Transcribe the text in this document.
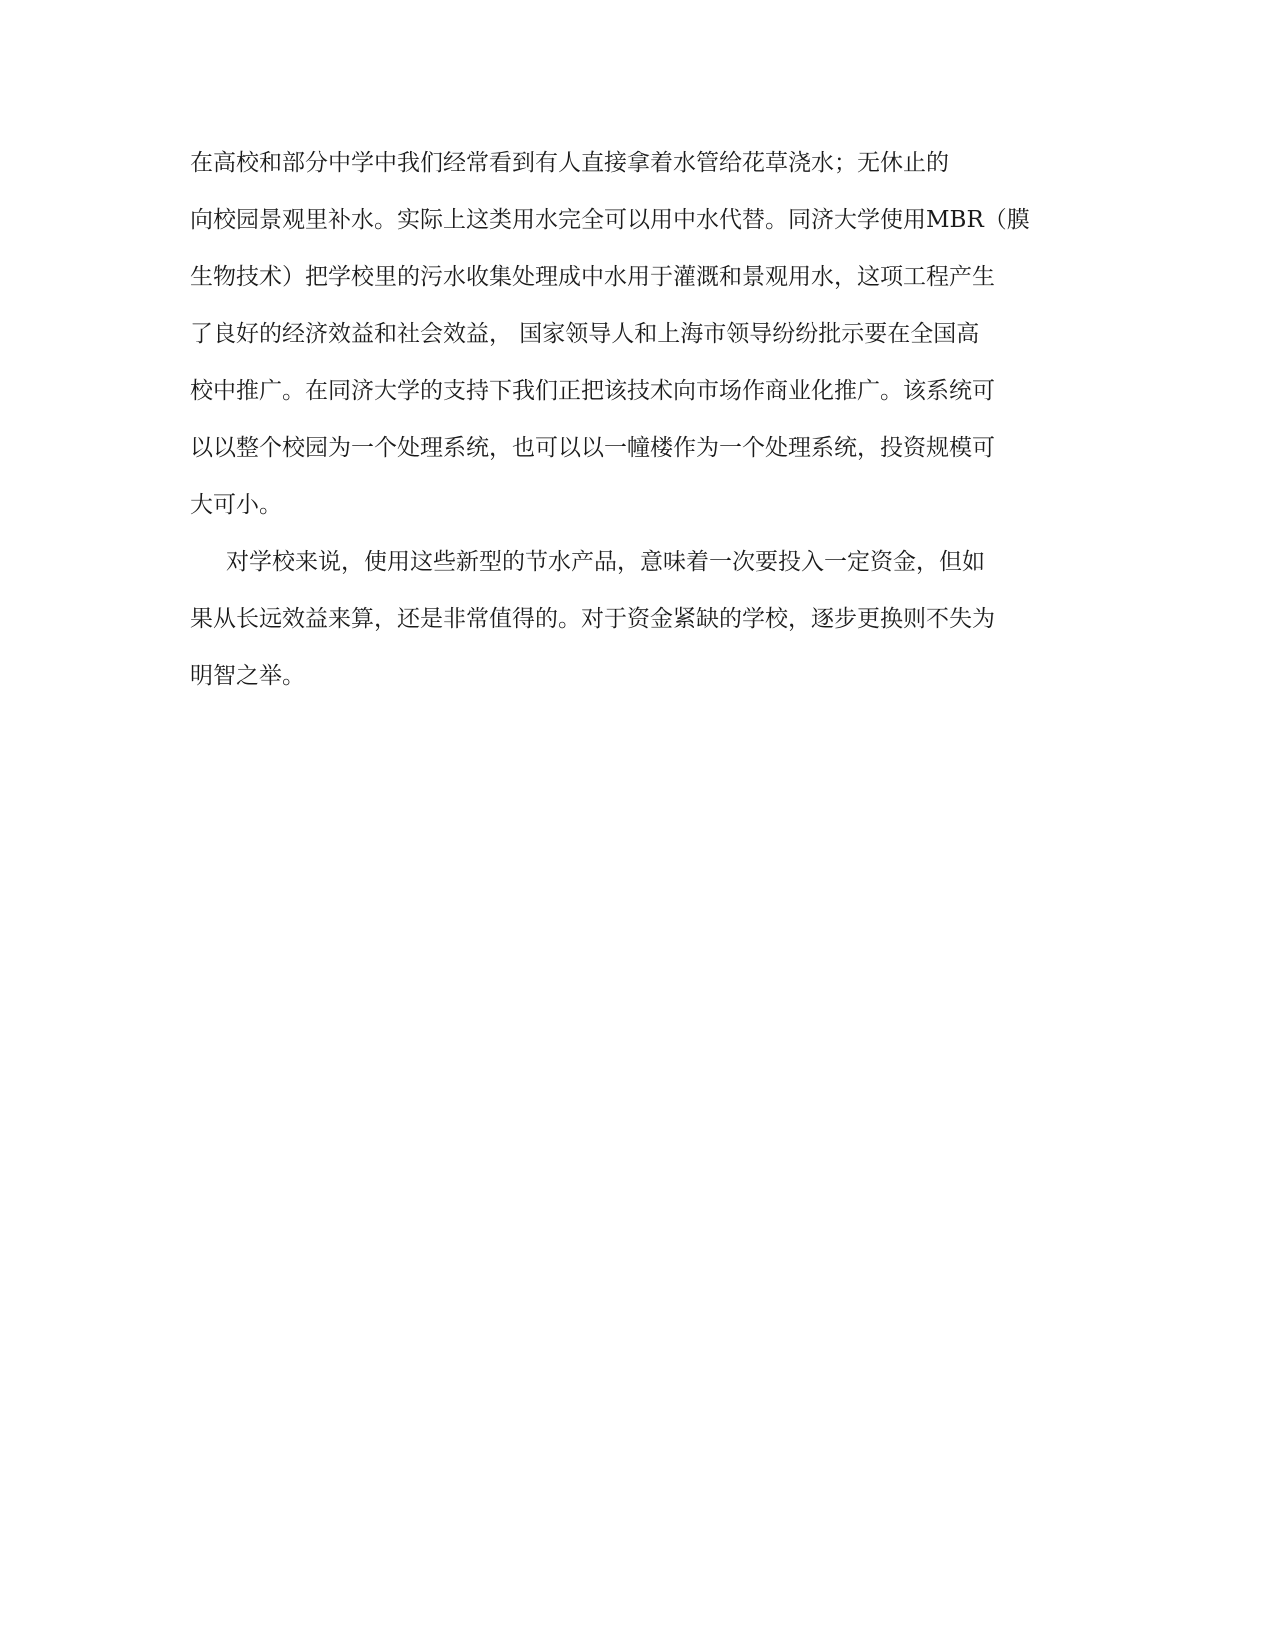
在高校和部分中学中我们经常看到有人直接拿着水管给花草浇水；无休止的

向校园景观里补水。实际上这类用水完全可以用中水代替。同济大学使用MBR（膜

生物技术）把学校里的污水收集处理成中水用于灌溉和景观用水，这项工程产生

了良好的经济效益和社会效益， 国家领导人和上海市领导纷纷批示要在全国高

校中推广。在同济大学的支持下我们正把该技术向市场作商业化推广。该系统可

以以整个校园为一个处理系统，也可以以一幢楼作为一个处理系统，投资规模可

大可小。

对学校来说，使用这些新型的节水产品，意味着一次要投入一定资金，但如

果从长远效益来算，还是非常值得的。对于资金紧缺的学校，逐步更换则不失为

明智之举。
